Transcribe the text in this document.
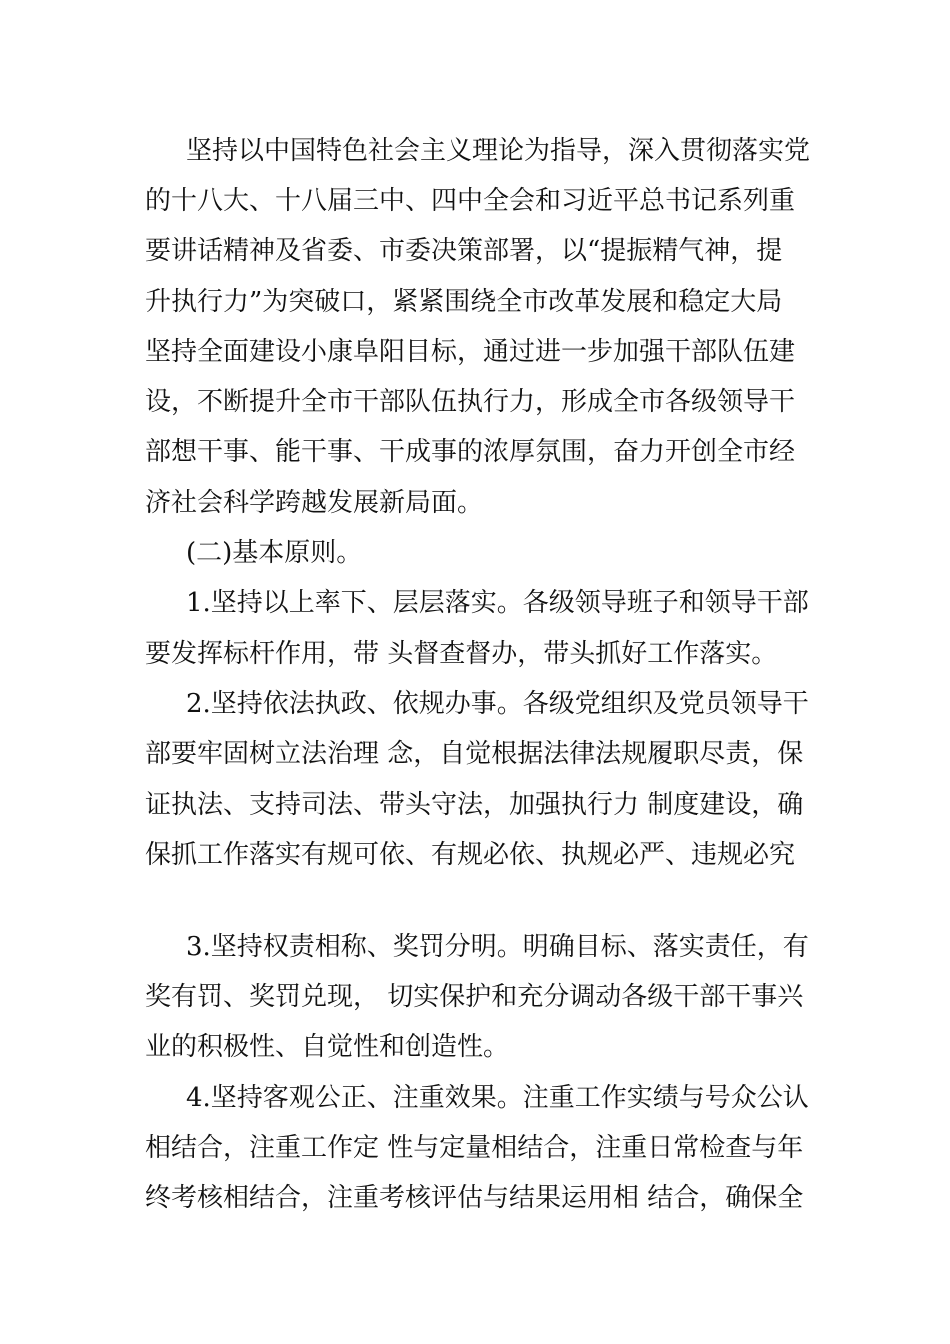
坚持以中国特色社会主义理论为指导，深入贯彻落实党
的十八大、十八届三中、四中全会和习近平总书记系列重
要讲话精神及省委、市委决策部署，以“提振精气神，提
升执行力”为突破口，紧紧围绕全市改革发展和稳定大局
坚持全面建设小康阜阳目标，通过进一步加强干部队伍建
设，不断提升全市干部队伍执行力，形成全市各级领导干
部想干事、能干事、干成事的浓厚氛围，奋力开创全市经
济社会科学跨越发展新局面。
(二)基本原则。
1.坚持以上率下、层层落实。各级领导班子和领导干部
要发挥标杆作用，带 头督查督办，带头抓好工作落实。
2.坚持依法执政、依规办事。各级党组织及党员领导干
部要牢固树立法治理 念，自觉根据法律法规履职尽责，保
证执法、支持司法、带头守法，加强执行力 制度建设，确
保抓工作落实有规可依、有规必依、执规必严、违规必究
3.坚持权责相称、奖罚分明。明确目标、落实责任，有
奖有罚、奖罚兑现， 切实保护和充分调动各级干部干事兴
业的积极性、自觉性和创造性。
4.坚持客观公正、注重效果。注重工作实绩与号众公认
相结合，注重工作定 性与定量相结合，注重日常检查与年
终考核相结合，注重考核评估与结果运用相 结合，确保全
